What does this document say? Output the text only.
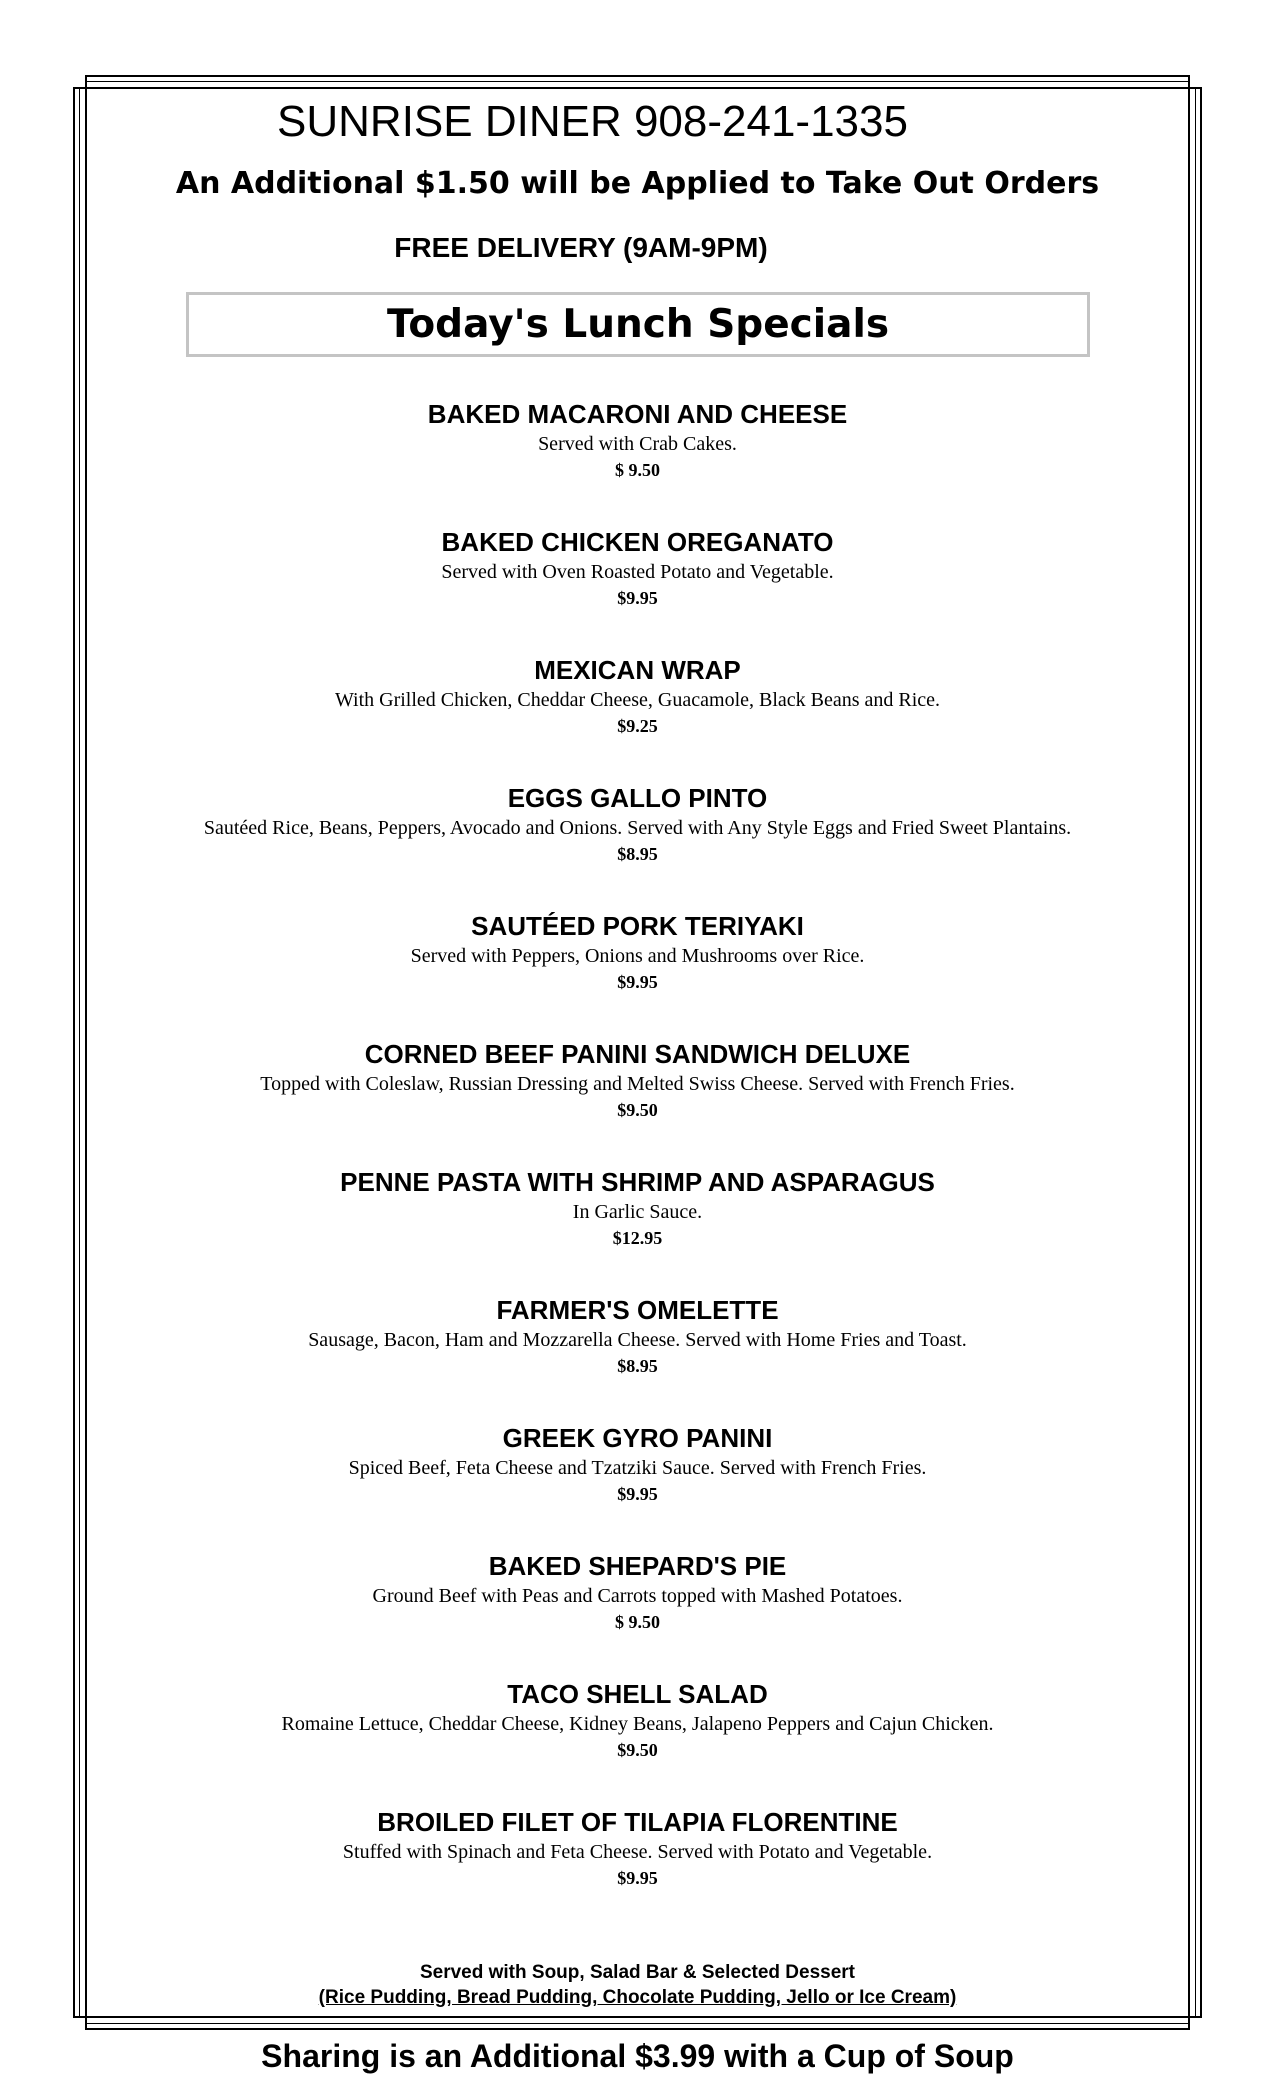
SUNRISE DINER 908-241-1335
An Additional $1.50 will be Applied to Take Out Orders
FREE DELIVERY (9AM-9PM)
Today's Lunch Specials
BAKED MACARONI AND CHEESE
Served with Crab Cakes.
$ 9.50
BAKED CHICKEN OREGANATO
Served with Oven Roasted Potato and Vegetable.
$9.95
MEXICAN WRAP
With Grilled Chicken, Cheddar Cheese, Guacamole, Black Beans and Rice.
$9.25
EGGS GALLO PINTO
Sautéed Rice, Beans, Peppers, Avocado and Onions. Served with Any Style Eggs and Fried Sweet Plantains.
$8.95
SAUTÉED PORK TERIYAKI
Served with Peppers, Onions and Mushrooms over Rice.
$9.95
CORNED BEEF PANINI SANDWICH DELUXE
Topped with Coleslaw, Russian Dressing and Melted Swiss Cheese. Served with French Fries.
$9.50
PENNE PASTA WITH SHRIMP AND ASPARAGUS
In Garlic Sauce.
$12.95
FARMER'S OMELETTE
Sausage, Bacon, Ham and Mozzarella Cheese. Served with Home Fries and Toast.
$8.95
GREEK GYRO PANINI
Spiced Beef, Feta Cheese and Tzatziki Sauce. Served with French Fries.
$9.95
BAKED SHEPARD'S PIE
Ground Beef with Peas and Carrots topped with Mashed Potatoes.
$ 9.50
TACO SHELL SALAD
Romaine Lettuce, Cheddar Cheese, Kidney Beans, Jalapeno Peppers and Cajun Chicken.
$9.50
BROILED FILET OF TILAPIA FLORENTINE
Stuffed with Spinach and Feta Cheese. Served with Potato and Vegetable.
$9.95
Served with Soup, Salad Bar & Selected Dessert
(Rice Pudding, Bread Pudding, Chocolate Pudding, Jello or Ice Cream)
Sharing is an Additional $3.99 with a Cup of Soup
